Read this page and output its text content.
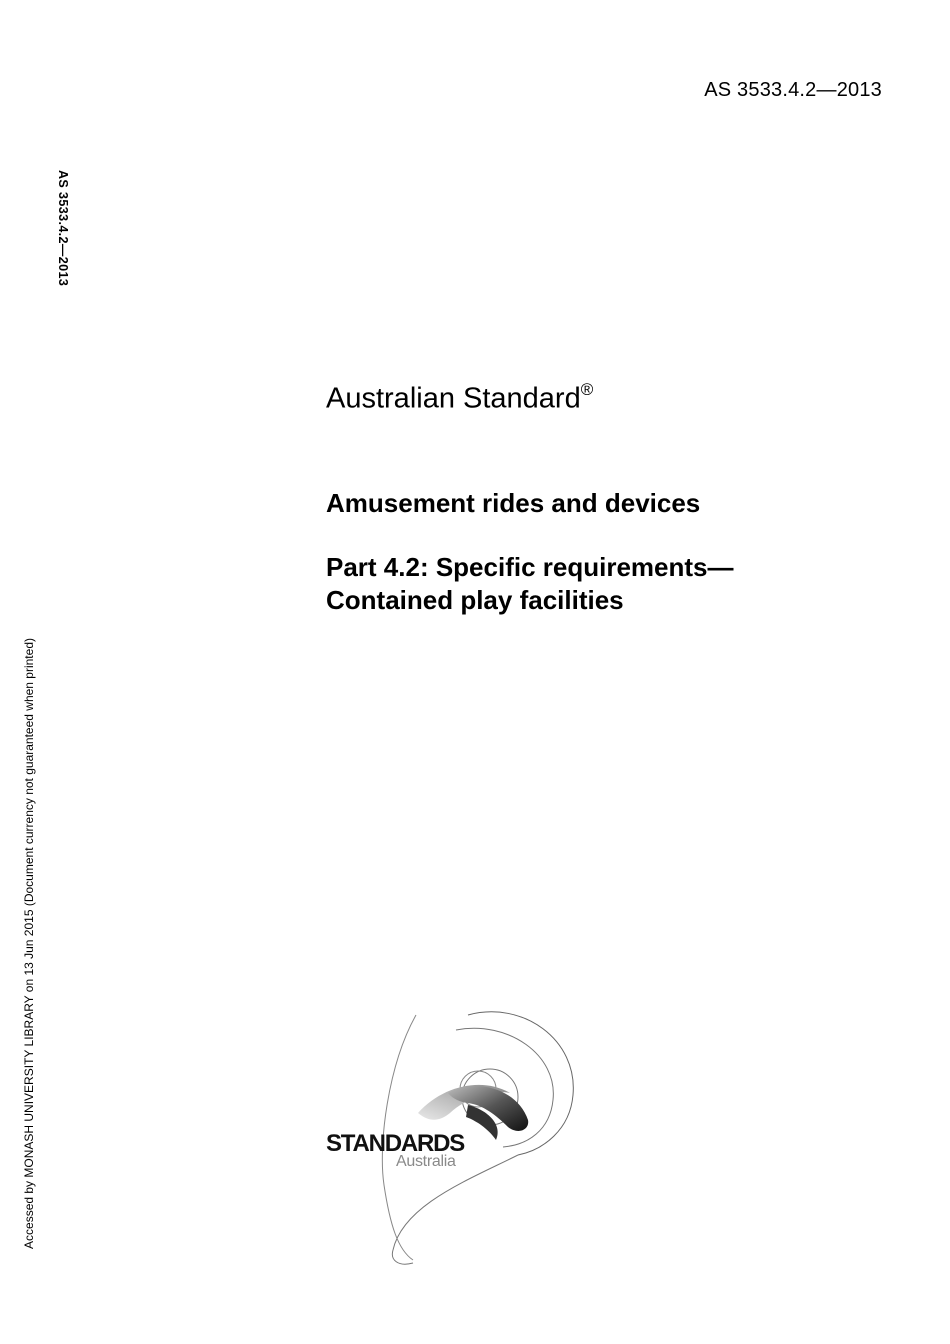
AS 3533.4.2—2013
AS 3533.4.2—2013
Accessed by MONASH UNIVERSITY LIBRARY on 13 Jun 2015 (Document currency not guaranteed when printed)
Australian Standard®
Amusement rides and devices
Part 4.2: Specific requirements—
Contained play facilities
STANDARDS
Australia
